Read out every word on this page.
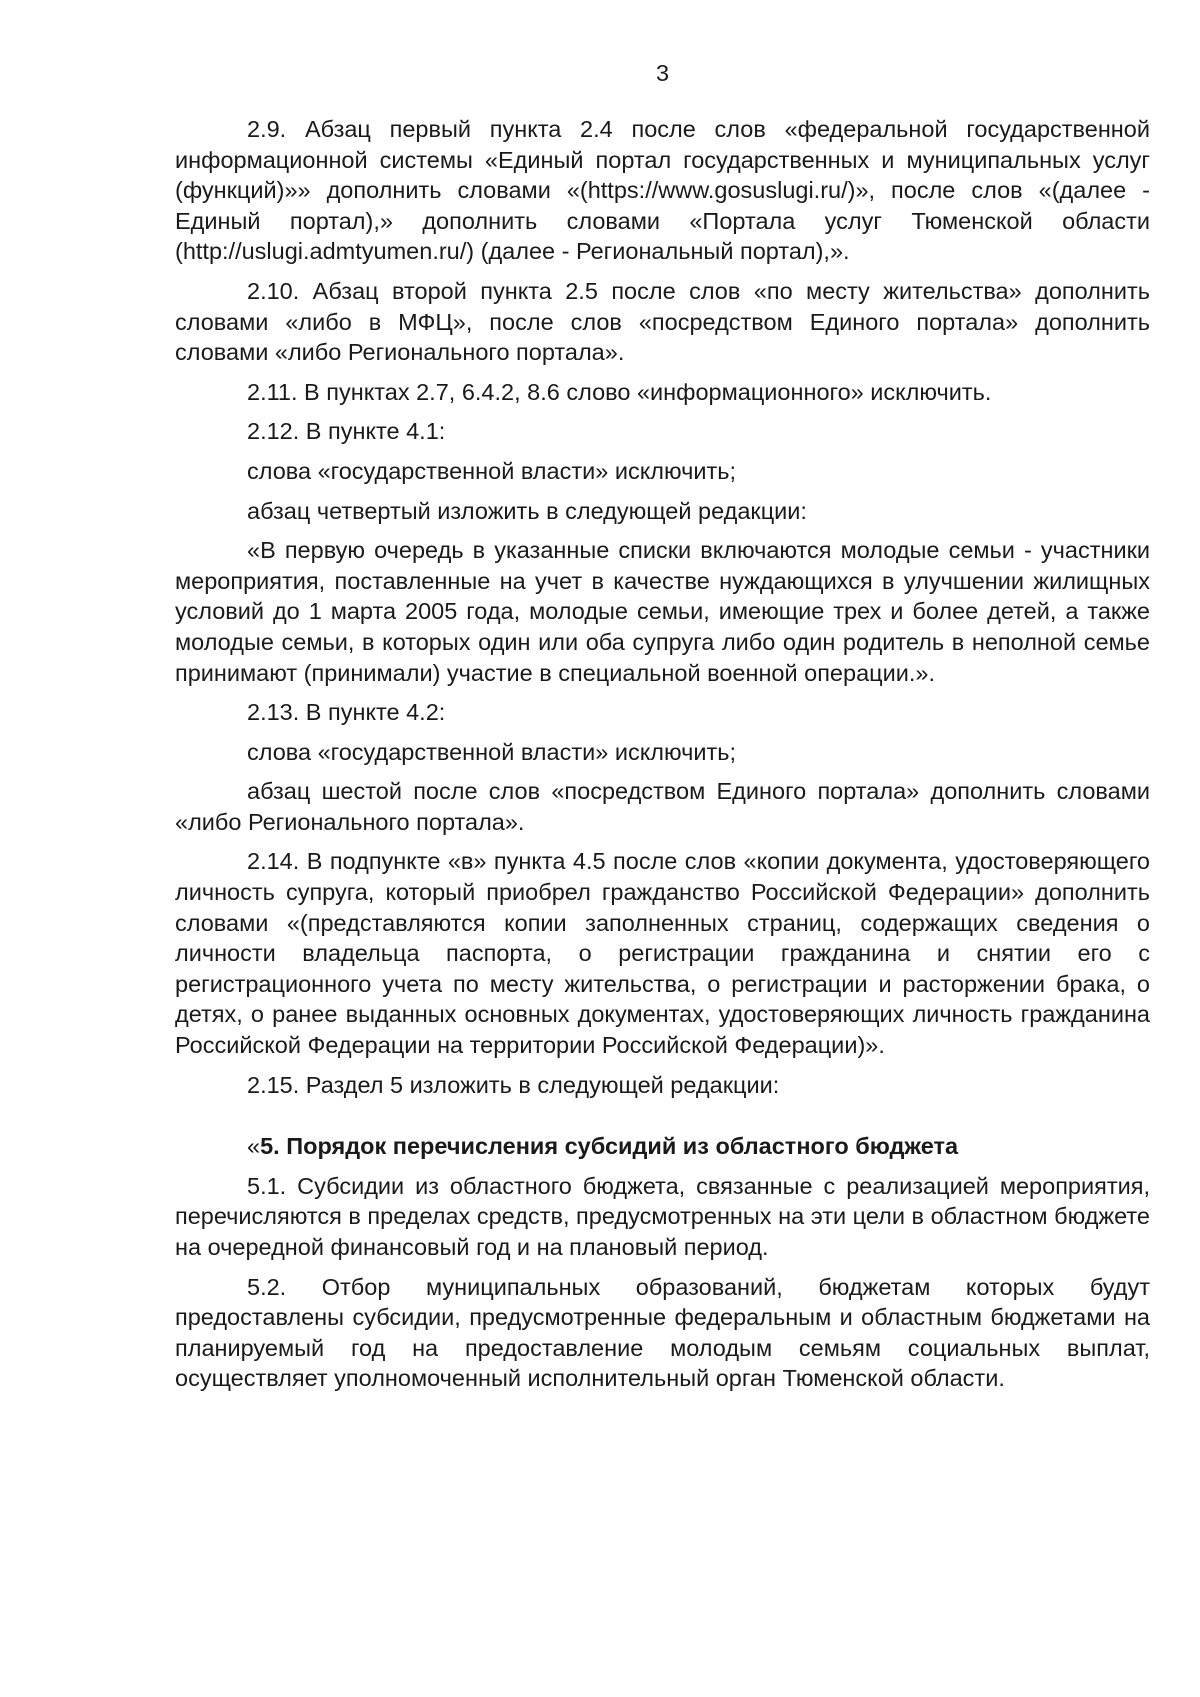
3

2.9. Абзац первый пункта 2.4 после слов «федеральной государственной информационной системы «Единый портал государственных и муниципальных услуг (функций)»» дополнить словами «(https://www.gosuslugi.ru/)», после слов «(далее - Единый портал),» дополнить словами «Портала услуг Тюменской области (http://uslugi.admtyumen.ru/) (далее - Региональный портал),».

2.10. Абзац второй пункта 2.5 после слов «по месту жительства» дополнить словами «либо в МФЦ», после слов «посредством Единого портала» дополнить словами «либо Регионального портала».

2.11. В пунктах 2.7, 6.4.2, 8.6 слово «информационного» исключить.

2.12. В пункте 4.1:

слова «государственной власти» исключить;

абзац четвертый изложить в следующей редакции:

«В первую очередь в указанные списки включаются молодые семьи - участники мероприятия, поставленные на учет в качестве нуждающихся в улучшении жилищных условий до 1 марта 2005 года, молодые семьи, имеющие трех и более детей, а также молодые семьи, в которых один или оба супруга либо один родитель в неполной семье принимают (принимали) участие в специальной военной операции.».

2.13. В пункте 4.2:

слова «государственной власти» исключить;

абзац шестой после слов «посредством Единого портала» дополнить словами «либо Регионального портала».

2.14. В подпункте «в» пункта 4.5 после слов «копии документа, удостоверяющего личность супруга, который приобрел гражданство Российской Федерации» дополнить словами «(представляются копии заполненных страниц, содержащих сведения о личности владельца паспорта, о регистрации гражданина и снятии его с регистрационного учета по месту жительства, о регистрации и расторжении брака, о детях, о ранее выданных основных документах, удостоверяющих личность гражданина Российской Федерации на территории Российской Федерации)».

2.15. Раздел 5 изложить в следующей редакции:

«5. Порядок перечисления субсидий из областного бюджета

5.1. Субсидии из областного бюджета, связанные с реализацией мероприятия, перечисляются в пределах средств, предусмотренных на эти цели в областном бюджете на очередной финансовый год и на плановый период.

5.2. Отбор муниципальных образований, бюджетам которых будут предоставлены субсидии, предусмотренные федеральным и областным бюджетами на планируемый год на предоставление молодым семьям социальных выплат, осуществляет уполномоченный исполнительный орган Тюменской области.
